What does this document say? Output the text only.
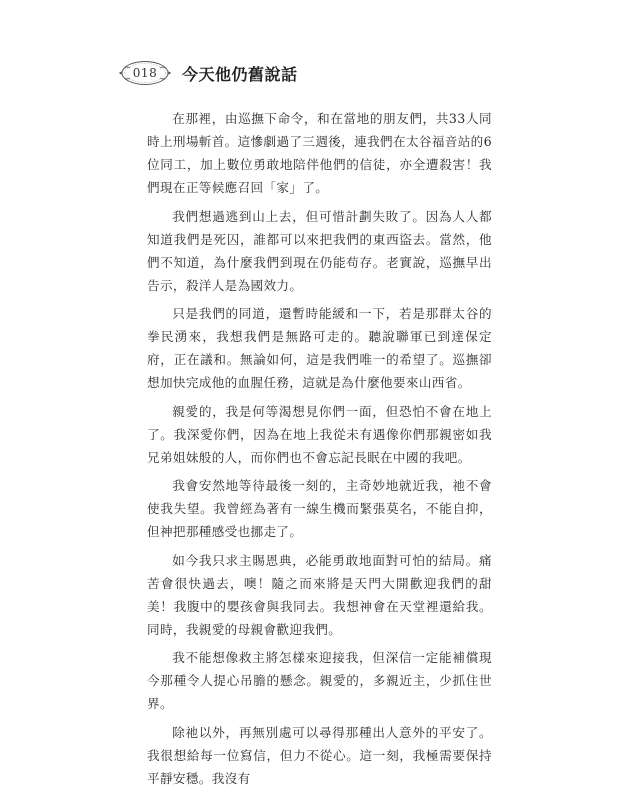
018 今天他仍舊說話

在那裡，由巡撫下命令，和在當地的朋友們，共33人同時上刑場斬首。這慘劇過了三週後，連我們在太谷福音站的6位同工，加上數位勇敢地陪伴他們的信徒，亦全遭殺害！我們現在正等候應召回「家」了。

我們想過逃到山上去，但可惜計劃失敗了。因為人人都知道我們是死囚，誰都可以來把我們的東西盜去。當然，他們不知道，為什麼我們到現在仍能苟存。老實說，巡撫早出告示，殺洋人是為國效力。

只是我們的同道，還暫時能緩和一下，若是那群太谷的拳民湧來，我想我們是無路可走的。聽說聯軍已到達保定府，正在議和。無論如何，這是我們唯一的希望了。巡撫卻想加快完成他的血腥任務，這就是為什麼他要來山西省。

親愛的，我是何等渴想見你們一面，但恐怕不會在地上了。我深愛你們，因為在地上我從未有遇像你們那親密如我兄弟姐妹般的人，而你們也不會忘記長眠在中國的我吧。

我會安然地等待最後一刻的，主奇妙地就近我，祂不會使我失望。我曾經為著有一線生機而緊張莫名，不能自抑，但神把那種感受也挪走了。

如今我只求主賜恩典，必能勇敢地面對可怕的結局。痛苦會很快過去，噢！隨之而來將是天門大開歡迎我們的甜美！我腹中的嬰孩會與我同去。我想神會在天堂裡還給我。同時，我親愛的母親會歡迎我們。

我不能想像救主將怎樣來迎接我，但深信一定能補償現今那種令人提心吊膽的懸念。親愛的，多親近主，少抓住世界。

除祂以外，再無別處可以尋得那種出人意外的平安了。我很想給每一位寫信，但力不從心。這一刻，我極需要保持平靜安穩。我沒有
